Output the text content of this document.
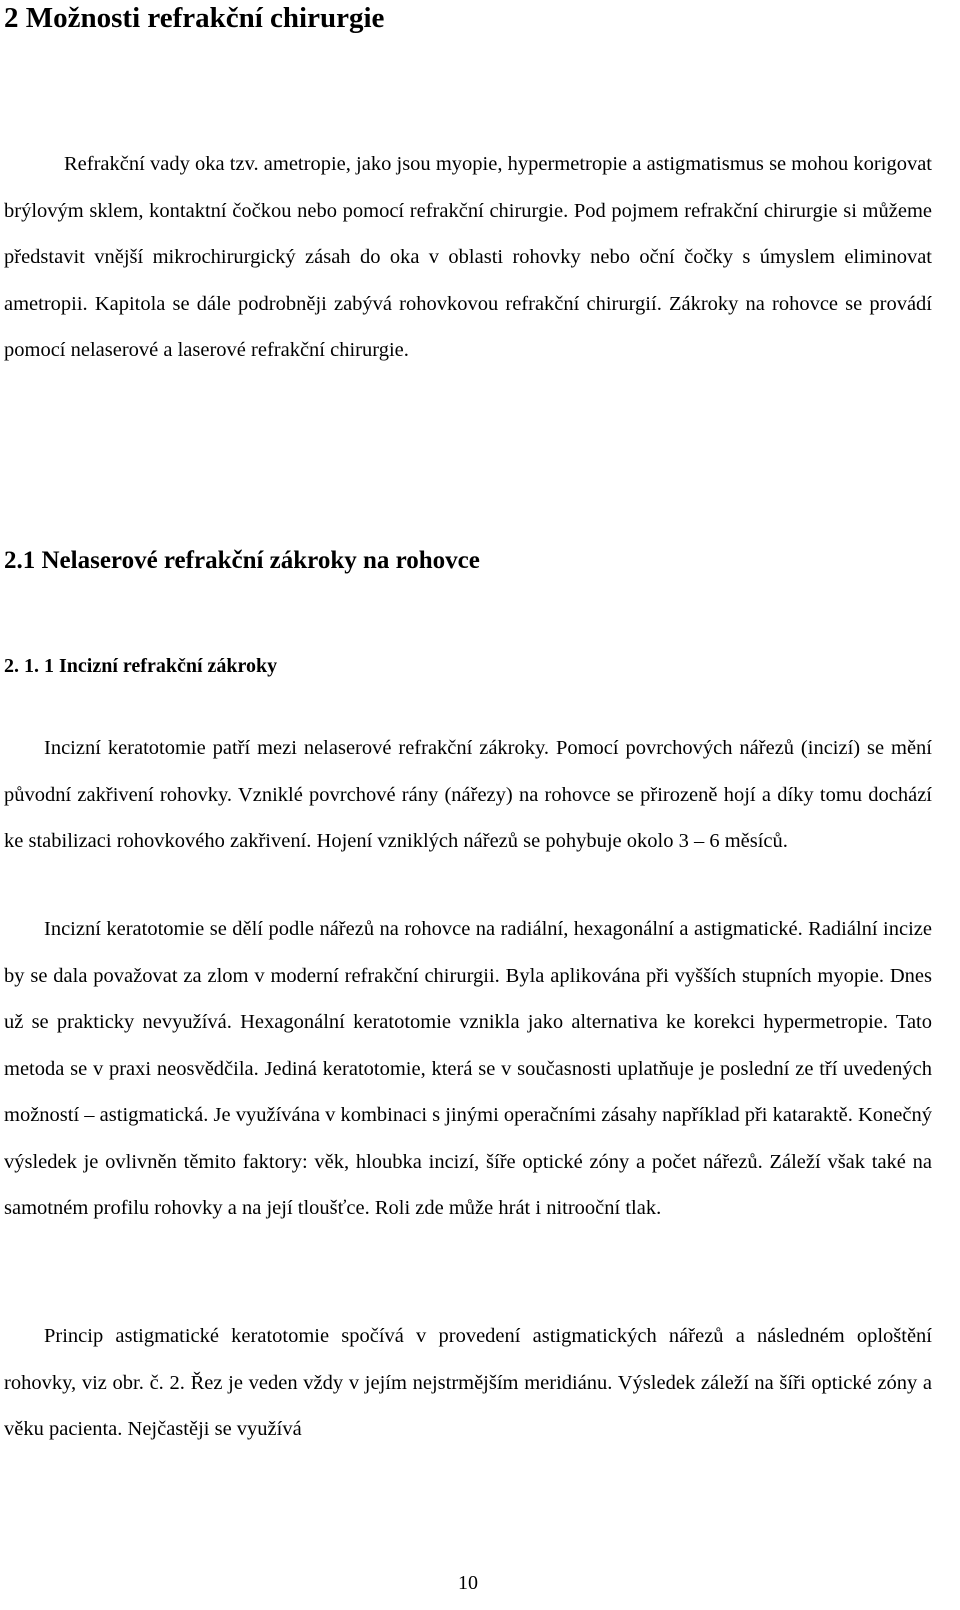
2 Možnosti refrakční chirurgie

Refrakční vady oka tzv. ametropie, jako jsou myopie, hypermetropie a astigmatismus se mohou korigovat brýlovým sklem, kontaktní čočkou nebo pomocí refrakční chirurgie. Pod pojmem refrakční chirurgie si můžeme představit vnější mikrochirurgický zásah do oka v oblasti rohovky nebo oční čočky s úmyslem eliminovat ametropii. Kapitola se dále podrobněji zabývá rohovkovou refrakční chirurgií. Zákroky na rohovce se provádí pomocí nelaserové a laserové refrakční chirurgie.

2.1 Nelaserové refrakční zákroky na rohovce
2. 1. 1 Incizní refrakční zákroky

Incizní keratotomie patří mezi nelaserové refrakční zákroky. Pomocí povrchových nářezů (incizí) se mění původní zakřivení rohovky. Vzniklé povrchové rány (nářezy) na rohovce se přirozeně hojí a díky tomu dochází ke stabilizaci rohovkového zakřivení. Hojení vzniklých nářezů se pohybuje okolo 3 – 6 měsíců.

Incizní keratotomie se dělí podle nářezů na rohovce na radiální, hexagonální a astigmatické. Radiální incize by se dala považovat za zlom v moderní refrakční chirurgii. Byla aplikována při vyšších stupních myopie. Dnes už se prakticky nevyužívá. Hexagonální keratotomie vznikla jako alternativa ke korekci hypermetropie. Tato metoda se v praxi neosvědčila. Jediná keratotomie, která se v současnosti uplatňuje je poslední ze tří uvedených možností – astigmatická. Je využívána v kombinaci s jinými operačními zásahy například při kataraktě. Konečný výsledek je ovlivněn těmito faktory: věk, hloubka incizí, šíře optické zóny a počet nářezů. Záleží však také na samotném profilu rohovky a na její tloušťce. Roli zde může hrát i nitrooční tlak.

Princip astigmatické keratotomie spočívá v provedení astigmatických nářezů a následném oploštění rohovky, viz obr. č. 2. Řez je veden vždy v jejím nejstrmějším meridiánu. Výsledek záleží na šíři optické zóny a věku pacienta. Nejčastěji se využívá

10
